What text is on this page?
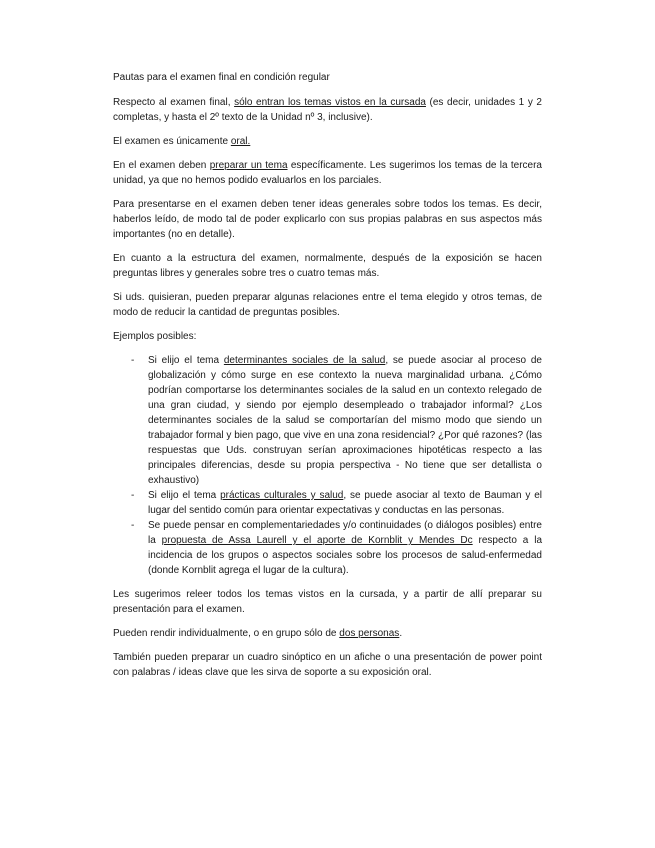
Pautas para el examen final en condición regular

Respecto al examen final, sólo entran los temas vistos en la cursada (es decir, unidades 1 y 2 completas, y hasta el 2º texto de la Unidad nº 3, inclusive).

El examen es únicamente oral.

En el examen deben preparar un tema específicamente. Les sugerimos los temas de la tercera unidad, ya que no hemos podido evaluarlos en los parciales.

Para presentarse en el examen deben tener ideas generales sobre todos los temas. Es decir, haberlos leído, de modo tal de poder explicarlo con sus propias palabras en sus aspectos más importantes (no en detalle).

En cuanto a la estructura del examen, normalmente, después de la exposición se hacen preguntas libres y generales sobre tres o cuatro temas más.

Si uds. quisieran, pueden preparar algunas relaciones entre el tema elegido y otros temas, de modo de reducir la cantidad de preguntas posibles.

Ejemplos posibles:

- Si elijo el tema determinantes sociales de la salud, se puede asociar al proceso de globalización y cómo surge en ese contexto la nueva marginalidad urbana. ¿Cómo podrían comportarse los determinantes sociales de la salud en un contexto relegado de una gran ciudad, y siendo por ejemplo desempleado o trabajador informal? ¿Los determinantes sociales de la salud se comportarían del mismo modo que siendo un trabajador formal y bien pago, que vive en una zona residencial? ¿Por qué razones? (las respuestas que Uds. construyan serían aproximaciones hipotéticas respecto a las principales diferencias, desde su propia perspectiva - No tiene que ser detallista o exhaustivo)
- Si elijo el tema prácticas culturales y salud, se puede asociar al texto de Bauman y el lugar del sentido común para orientar expectativas y conductas en las personas.
- Se puede pensar en complementariedades y/o continuidades (o diálogos posibles) entre la propuesta de Assa Laurell y el aporte de Kornblit y Mendes Dc respecto a la incidencia de los grupos o aspectos sociales sobre los procesos de salud-enfermedad (donde Kornblit agrega el lugar de la cultura).

Les sugerimos releer todos los temas vistos en la cursada, y a partir de allí preparar su presentación para el examen.

Pueden rendir individualmente, o en grupo sólo de dos personas.

También pueden preparar un cuadro sinóptico en un afiche o una presentación de power point con palabras / ideas clave que les sirva de soporte a su exposición oral.
